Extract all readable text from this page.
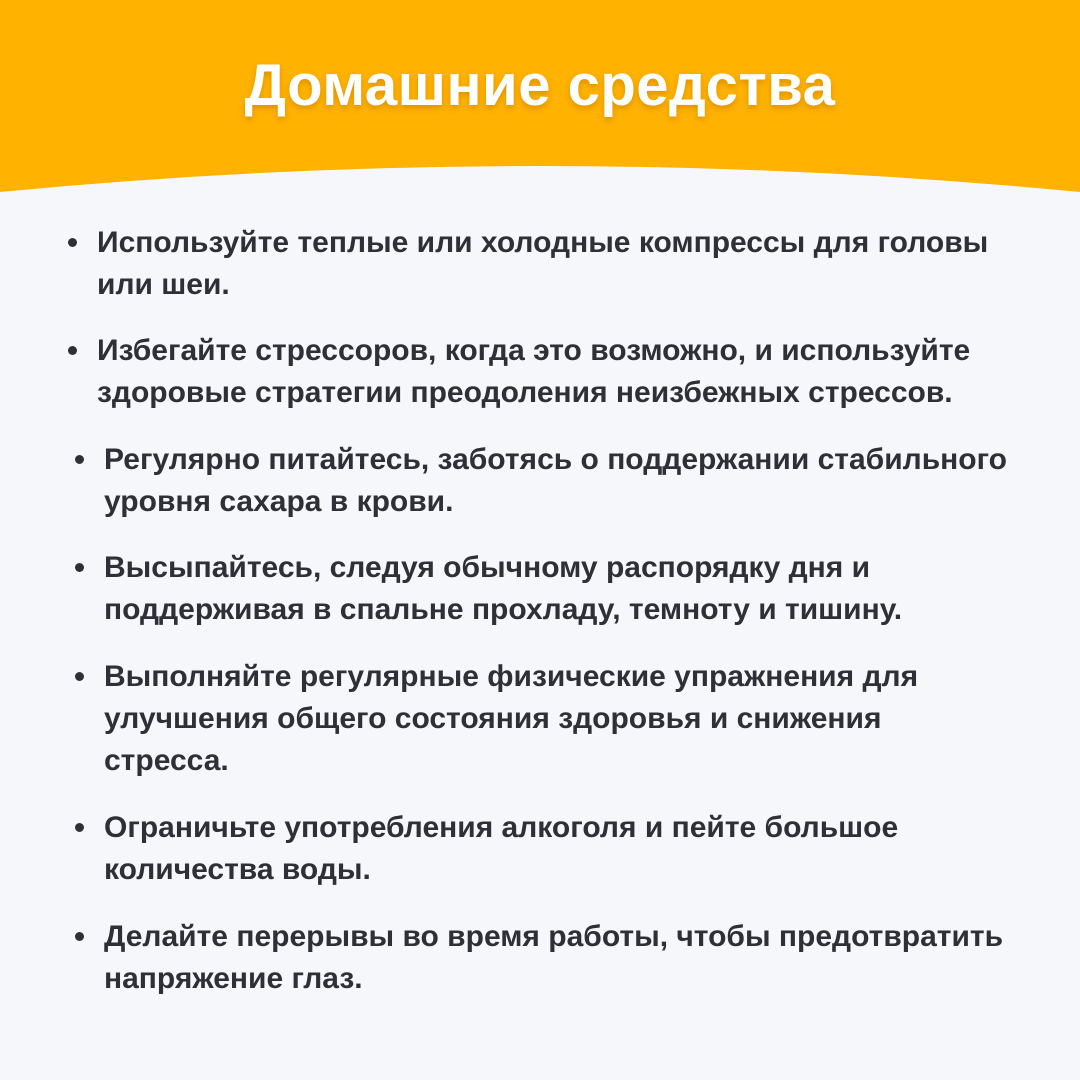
Домашние средства
Используйте теплые или холодные компрессы для головы или шеи.
Избегайте стрессоров, когда это возможно, и используйте здоровые стратегии преодоления неизбежных стрессов.
Регулярно питайтесь, заботясь о поддержании стабильного уровня сахара в крови.
Высыпайтесь, следуя обычному распорядку дня и поддерживая в спальне прохладу, темноту и тишину.
Выполняйте регулярные физические упражнения для улучшения общего состояния здоровья и снижения стресса.
Ограничьте употребления алкоголя и пейте большое количества воды.
Делайте перерывы во время работы, чтобы предотвратить напряжение глаз.
